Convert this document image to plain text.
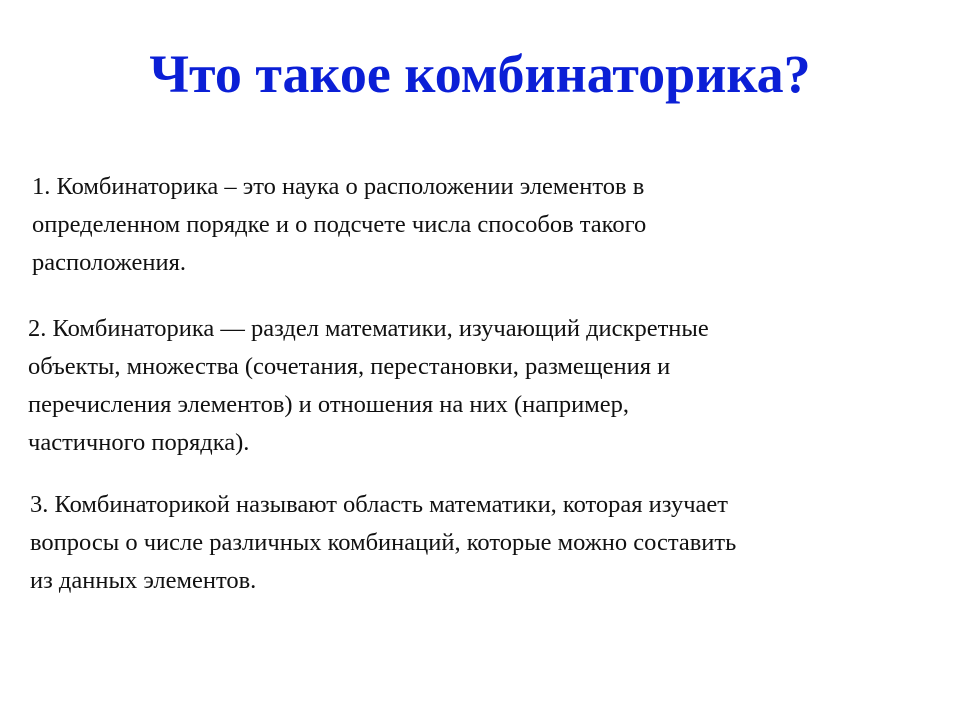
Что такое комбинаторика?

1. Комбинаторика – это наука о расположении элементов в
определенном порядке и о подсчете числа способов такого
расположения.

2. Комбинаторика — раздел математики, изучающий дискретные
объекты, множества (сочетания, перестановки, размещения и
перечисления элементов) и отношения на них (например,
частичного порядка).

3. Комбинаторикой называют область математики, которая изучает
вопросы о числе различных комбинаций, которые можно составить
из данных элементов.
